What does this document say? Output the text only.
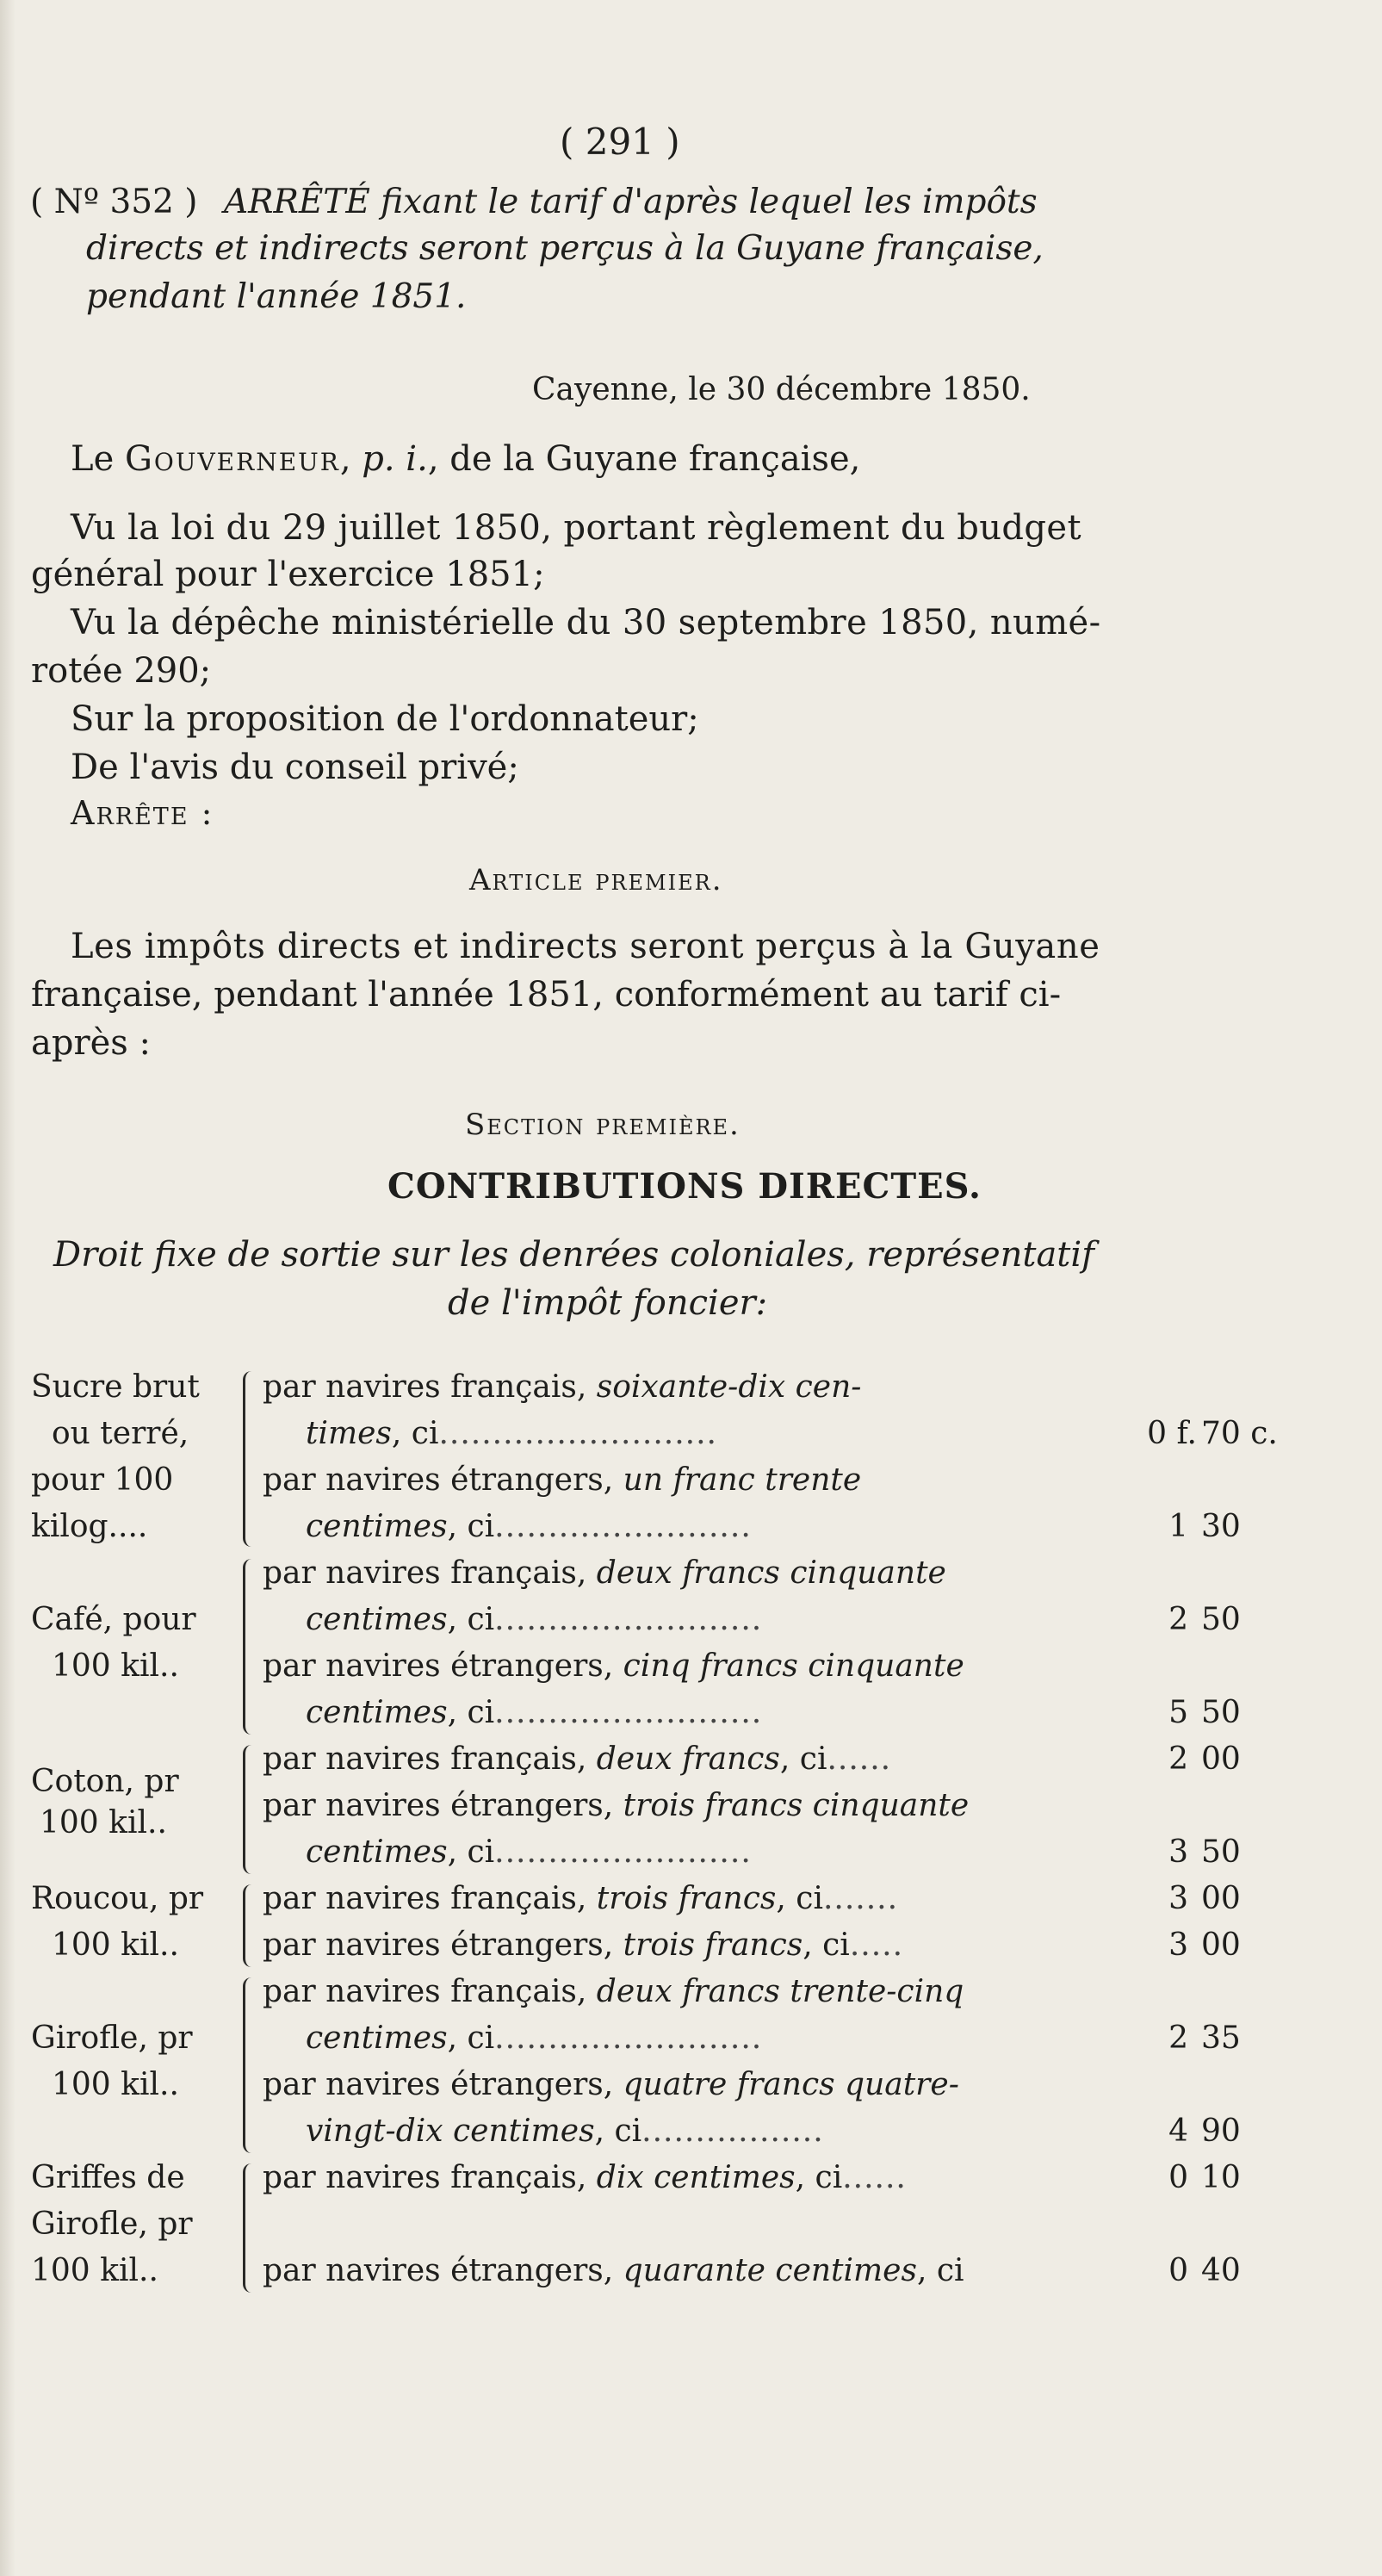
( 291 )
( Nº 352 ) ARRÊTÉ fixant le tarif d'après lequel les impôts
directs et indirects seront perçus à la Guyane française,
pendant l'année 1851.
Cayenne, le 30 décembre 1850.
Le Gouverneur, p. i., de la Guyane française,
Vu la loi du 29 juillet 1850, portant règlement du budget
général pour l'exercice 1851;
Vu la dépêche ministérielle du 30 septembre 1850, numé-
rotée 290;
Sur la proposition de l'ordonnateur;
De l'avis du conseil privé;
Arrête :
Article premier.
Les impôts directs et indirects seront perçus à la Guyane
française, pendant l'année 1851, conformément au tarif ci-
après :
Section première.
CONTRIBUTIONS DIRECTES.
Droit fixe de sortie sur les denrées coloniales, représentatif
de l'impôt foncier:
Sucre brut
ou terré,
pour 100
kilog....
par navires français, soixante-dix cen-
times, ci..........................	0 f. 70 c.
par navires étrangers, un franc trente
centimes, ci........................	1 30
Café, pour
100 kil..
par navires français, deux francs cinquante
centimes, ci.........................	2 50
par navires étrangers, cinq francs cinquante
centimes, ci.........................	5 50
Coton, pr
100 kil..
par navires français, deux francs, ci......	2 00
par navires étrangers, trois francs cinquante
centimes, ci........................	3 50
Roucou, pr
100 kil..
par navires français, trois francs, ci.......	3 00
par navires étrangers, trois francs, ci.....	3 00
Girofle, pr
100 kil..
par navires français, deux francs trente-cinq
centimes, ci.........................	2 35
par navires étrangers, quatre francs quatre-
vingt-dix centimes, ci.................	4 90
Griffes de
Girofle, pr
100 kil..
par navires français, dix centimes, ci......	0 10
par navires étrangers, quarante centimes, ci	0 40
